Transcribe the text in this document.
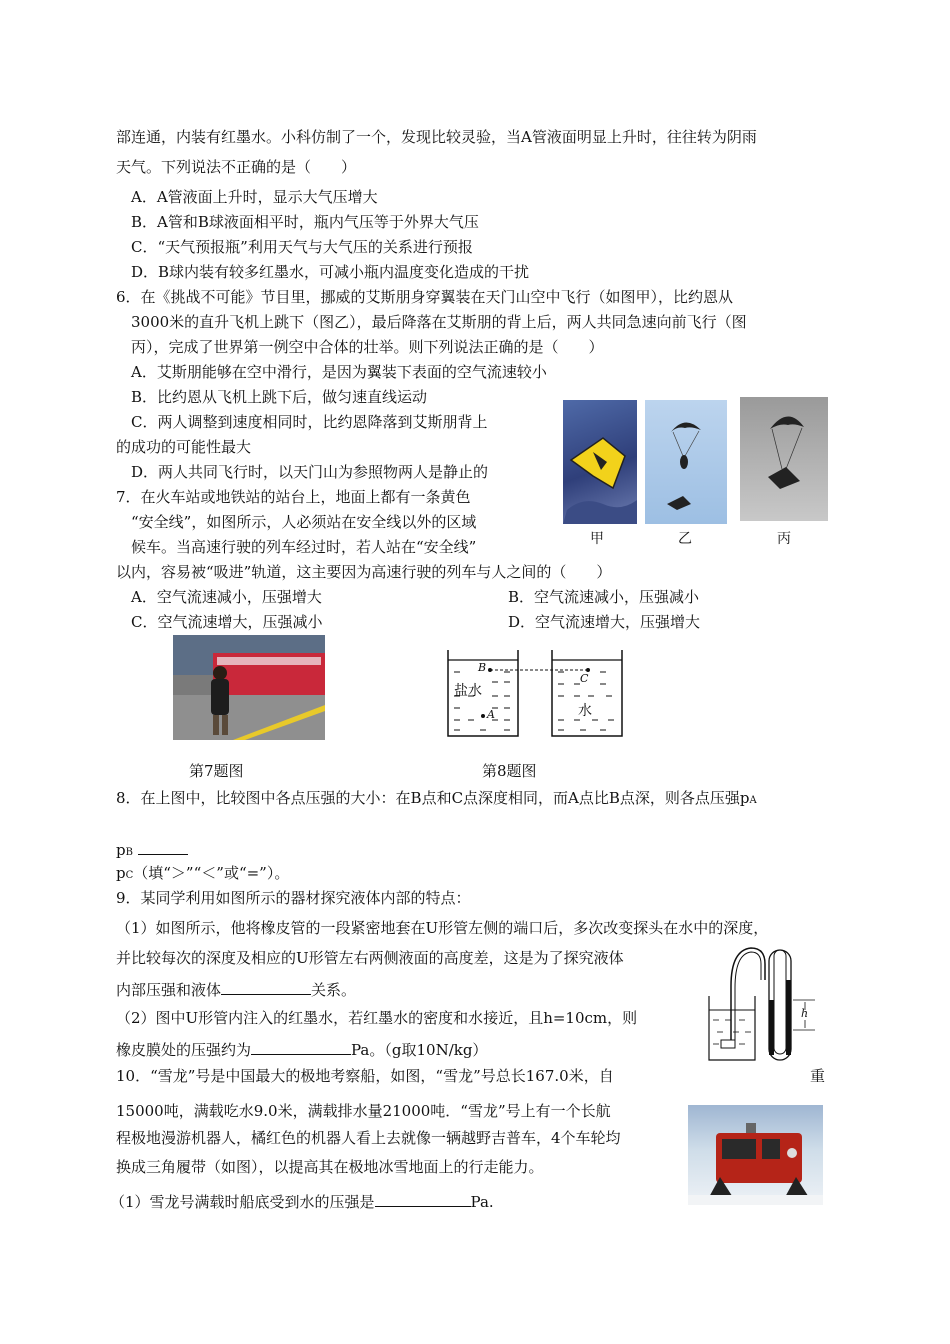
部连通，内装有红墨水。小科仿制了一个，发现比较灵验，当A管液面明显上升时，往往转为阴雨
天气。下列说法不正确的是（　　）
A．A管液面上升时，显示大气压增大
B．A管和B球液面相平时，瓶内气压等于外界大气压
C．“天气预报瓶”利用天气与大气压的关系进行预报
D．B球内装有较多红墨水，可减小瓶内温度变化造成的干扰
6．在《挑战不可能》节目里，挪威的艾斯朋身穿翼装在天门山空中飞行（如图甲），比约恩从
3000米的直升飞机上跳下（图乙），最后降落在艾斯朋的背上后，两人共同急速向前飞行（图
丙），完成了世界第一例空中合体的壮举。则下列说法正确的是（　　）
A．艾斯朋能够在空中滑行，是因为翼装下表面的空气流速较小
B．比约恩从飞机上跳下后，做匀速直线运动
C．两人调整到速度相同时，比约恩降落到艾斯朋背上
的成功的可能性最大
D．两人共同飞行时，以天门山为参照物两人是静止的
甲	乙	丙
7．在火车站或地铁站的站台上，地面上都有一条黄色
“安全线”，如图所示，人必须站在安全线以外的区域
候车。当高速行驶的列车经过时，若人站在“安全线”
以内，容易被“吸进”轨道，这主要因为高速行驶的列车与人之间的（　　）
A．空气流速减小，压强增大	B．空气流速减小，压强减小
C．空气流速增大，压强减小	D．空气流速增大，压强增大
第7题图
B
A
C
盐水
水
第8题图
8．在上图中，比较图中各点压强的大小：在B点和C点深度相同，而A点比B点深，则各点压强pA
pB
pC（填“＞”“＜”或“=”）。
9．某同学利用如图所示的器材探究液体内部的特点：
（1）如图所示，他将橡皮管的一段紧密地套在U形管左侧的端口后，多次改变探头在水中的深度，
并比较每次的深度及相应的U形管左右两侧液面的高度差，这是为了探究液体
内部压强和液体	关系。
（2）图中U形管内注入的红墨水，若红墨水的密度和水接近，且h=10cm，则
橡皮膜处的压强约为	Pa。（g取10N/kg）
h
10．“雪龙”号是中国最大的极地考察船，如图，“雪龙”号总长167.0米，自	重
15000吨，满载吃水9.0米，满载排水量21000吨．“雪龙”号上有一个长航
程极地漫游机器人，橘红色的机器人看上去就像一辆越野吉普车，4个车轮均
换成三角履带（如图），以提高其在极地冰雪地面上的行走能力。
（1）雪龙号满载时船底受到水的压强是	Pa.
